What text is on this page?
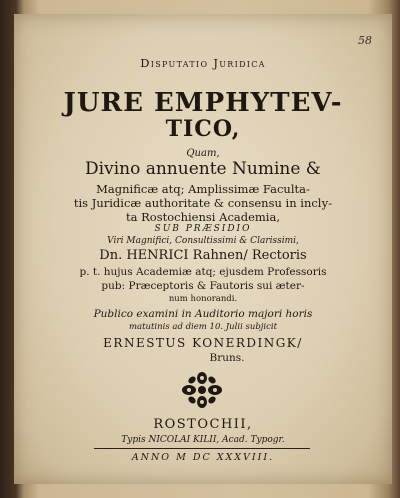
58
Disputatio Juridica
JURE EMPHYTEV-
TICO,
Quam,
Divino annuente Numine &
Magnificæ atq; Amplissimæ Faculta-
tis Juridicæ authoritate & consensu in inclу-
ta Rostochiensi Academia,
SUB PRÆSIDIO
Viri Magnifici, Consultissimi & Clarissimi,
Dn. HENRICI Rahnen/ Rectoris
p. t. hujus Academiæ atq; ejusdem Professoris
pub: Præceptoris & Fautoris sui æter-
num honorandi.
Publico examini in Auditorio majori horis
matutinis ad diem 10. Julii subjicit
ERNESTUS KONERDINGK/
Bruns.
ROSTOCHII,
Typis NICOLAI KILII, Acad. Typogr.
ANNO M DC XXXVIII.
